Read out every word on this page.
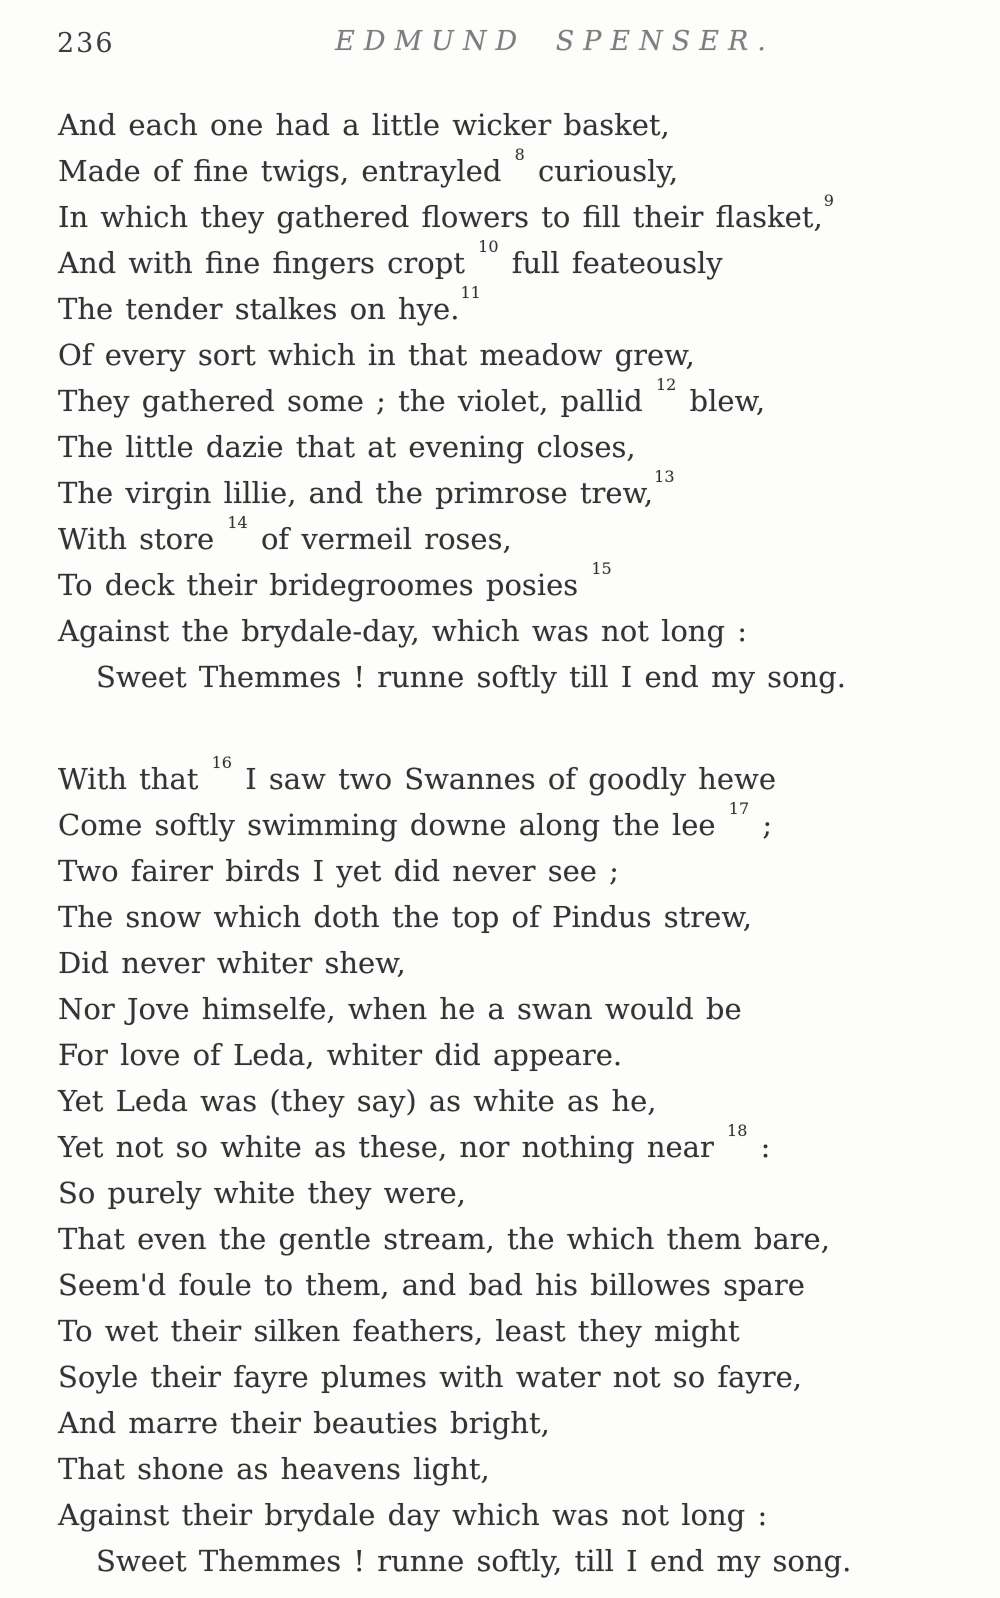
236	EDMUND SPENSER.
And each one had a little wicker basket,
Made of fine twigs, entrayled $^8$ curiously,
In which they gathered flowers to fill their flasket,$^9$
And with fine fingers cropt $^{10}$ full feateously
The tender stalkes on hye.$^{11}$
Of every sort which in that meadow grew,
They gathered some ; the violet, pallid $^{12}$ blew,
The little dazie that at evening closes,
The virgin lillie, and the primrose trew,$^{13}$
With store $^{14}$ of vermeil roses,
To deck their bridegroomes posies $^{15}$
Against the brydale-day, which was not long :
Sweet Themmes ! runne softly till I end my song.
With that $^{16}$ I saw two Swannes of goodly hewe
Come softly swimming downe along the lee $^{17}$ ;
Two fairer birds I yet did never see ;
The snow which doth the top of Pindus strew,
Did never whiter shew,
Nor Jove himselfe, when he a swan would be
For love of Leda, whiter did appeare.
Yet Leda was (they say) as white as he,
Yet not so white as these, nor nothing near $^{18}$ :
So purely white they were,
That even the gentle stream, the which them bare,
Seem'd foule to them, and bad his billowes spare
To wet their silken feathers, least they might
Soyle their fayre plumes with water not so fayre,
And marre their beauties bright,
That shone as heavens light,
Against their brydale day which was not long :
Sweet Themmes ! runne softly, till I end my song.
